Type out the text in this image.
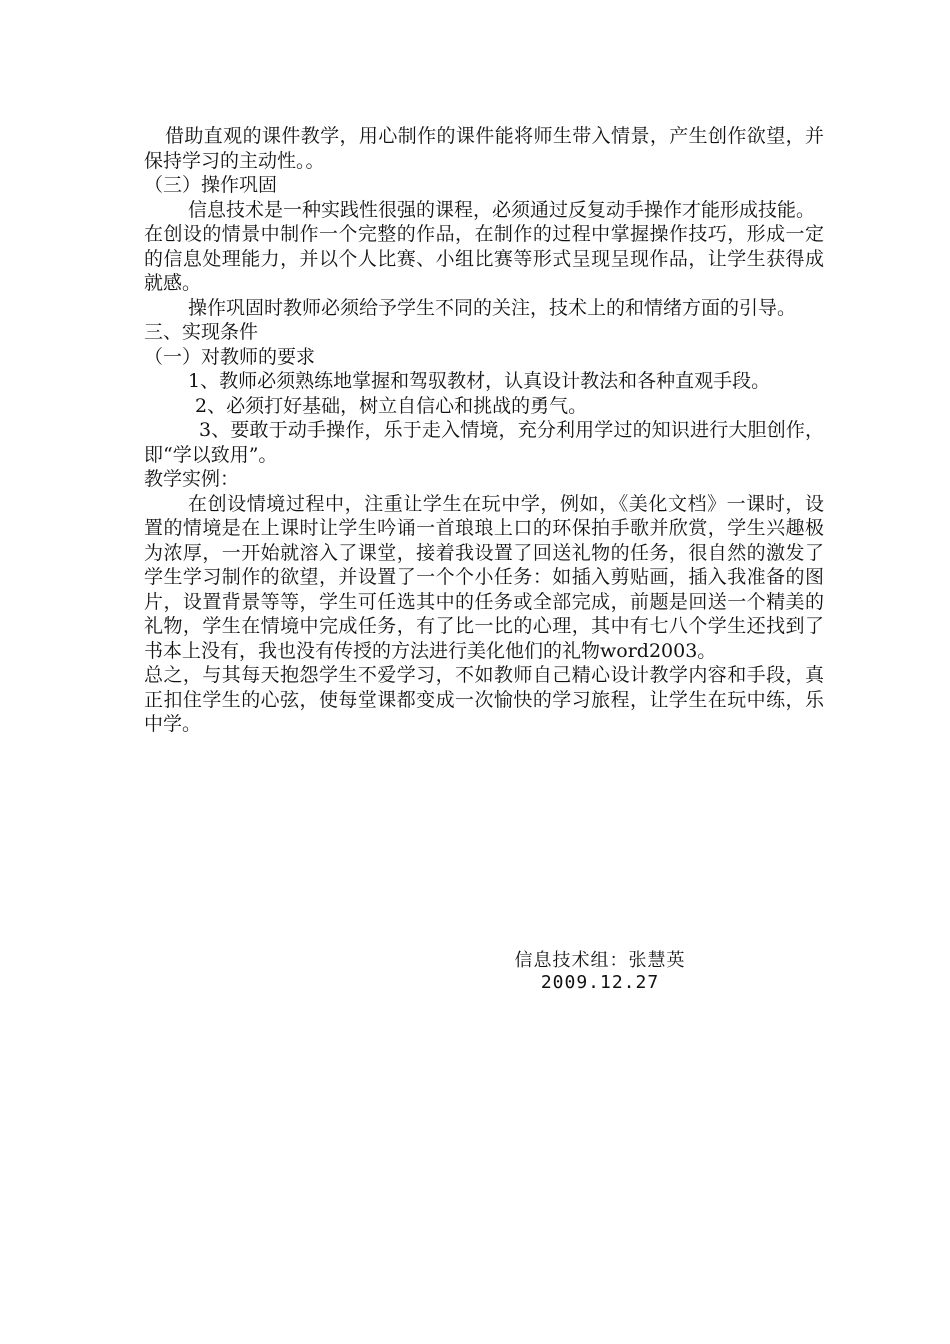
借助直观的课件教学，用心制作的课件能将师生带入情景，产生创作欲望，并保持学习的主动性。。

（三）操作巩固

信息技术是一种实践性很强的课程，必须通过反复动手操作才能形成技能。

在创设的情景中制作一个完整的作品，在制作的过程中掌握操作技巧，形成一定的信息处理能力，并以个人比赛、小组比赛等形式呈现呈现作品，让学生获得成就感。

操作巩固时教师必须给予学生不同的关注，技术上的和情绪方面的引导。

三、实现条件

（一）对教师的要求

1、教师必须熟练地掌握和驾驭教材，认真设计教法和各种直观手段。

2、必须打好基础，树立自信心和挑战的勇气。

3、要敢于动手操作，乐于走入情境，充分利用学过的知识进行大胆创作，即“学以致用”。

教学实例：

在创设情境过程中，注重让学生在玩中学，例如，《美化文档》一课时，设置的情境是在上课时让学生吟诵一首琅琅上口的环保拍手歌并欣赏，学生兴趣极为浓厚，一开始就溶入了课堂，接着我设置了回送礼物的任务，很自然的激发了学生学习制作的欲望，并设置了一个个小任务：如插入剪贴画，插入我准备的图片，设置背景等等，学生可任选其中的任务或全部完成，前题是回送一个精美的礼物，学生在情境中完成任务，有了比一比的心理，其中有七八个学生还找到了书本上没有，我也没有传授的方法进行美化他们的礼物word2003。

总之，与其每天抱怨学生不爱学习，不如教师自己精心设计教学内容和手段，真正扣住学生的心弦，使每堂课都变成一次愉快的学习旅程，让学生在玩中练，乐中学。

信息技术组：张慧英
2009.12.27
